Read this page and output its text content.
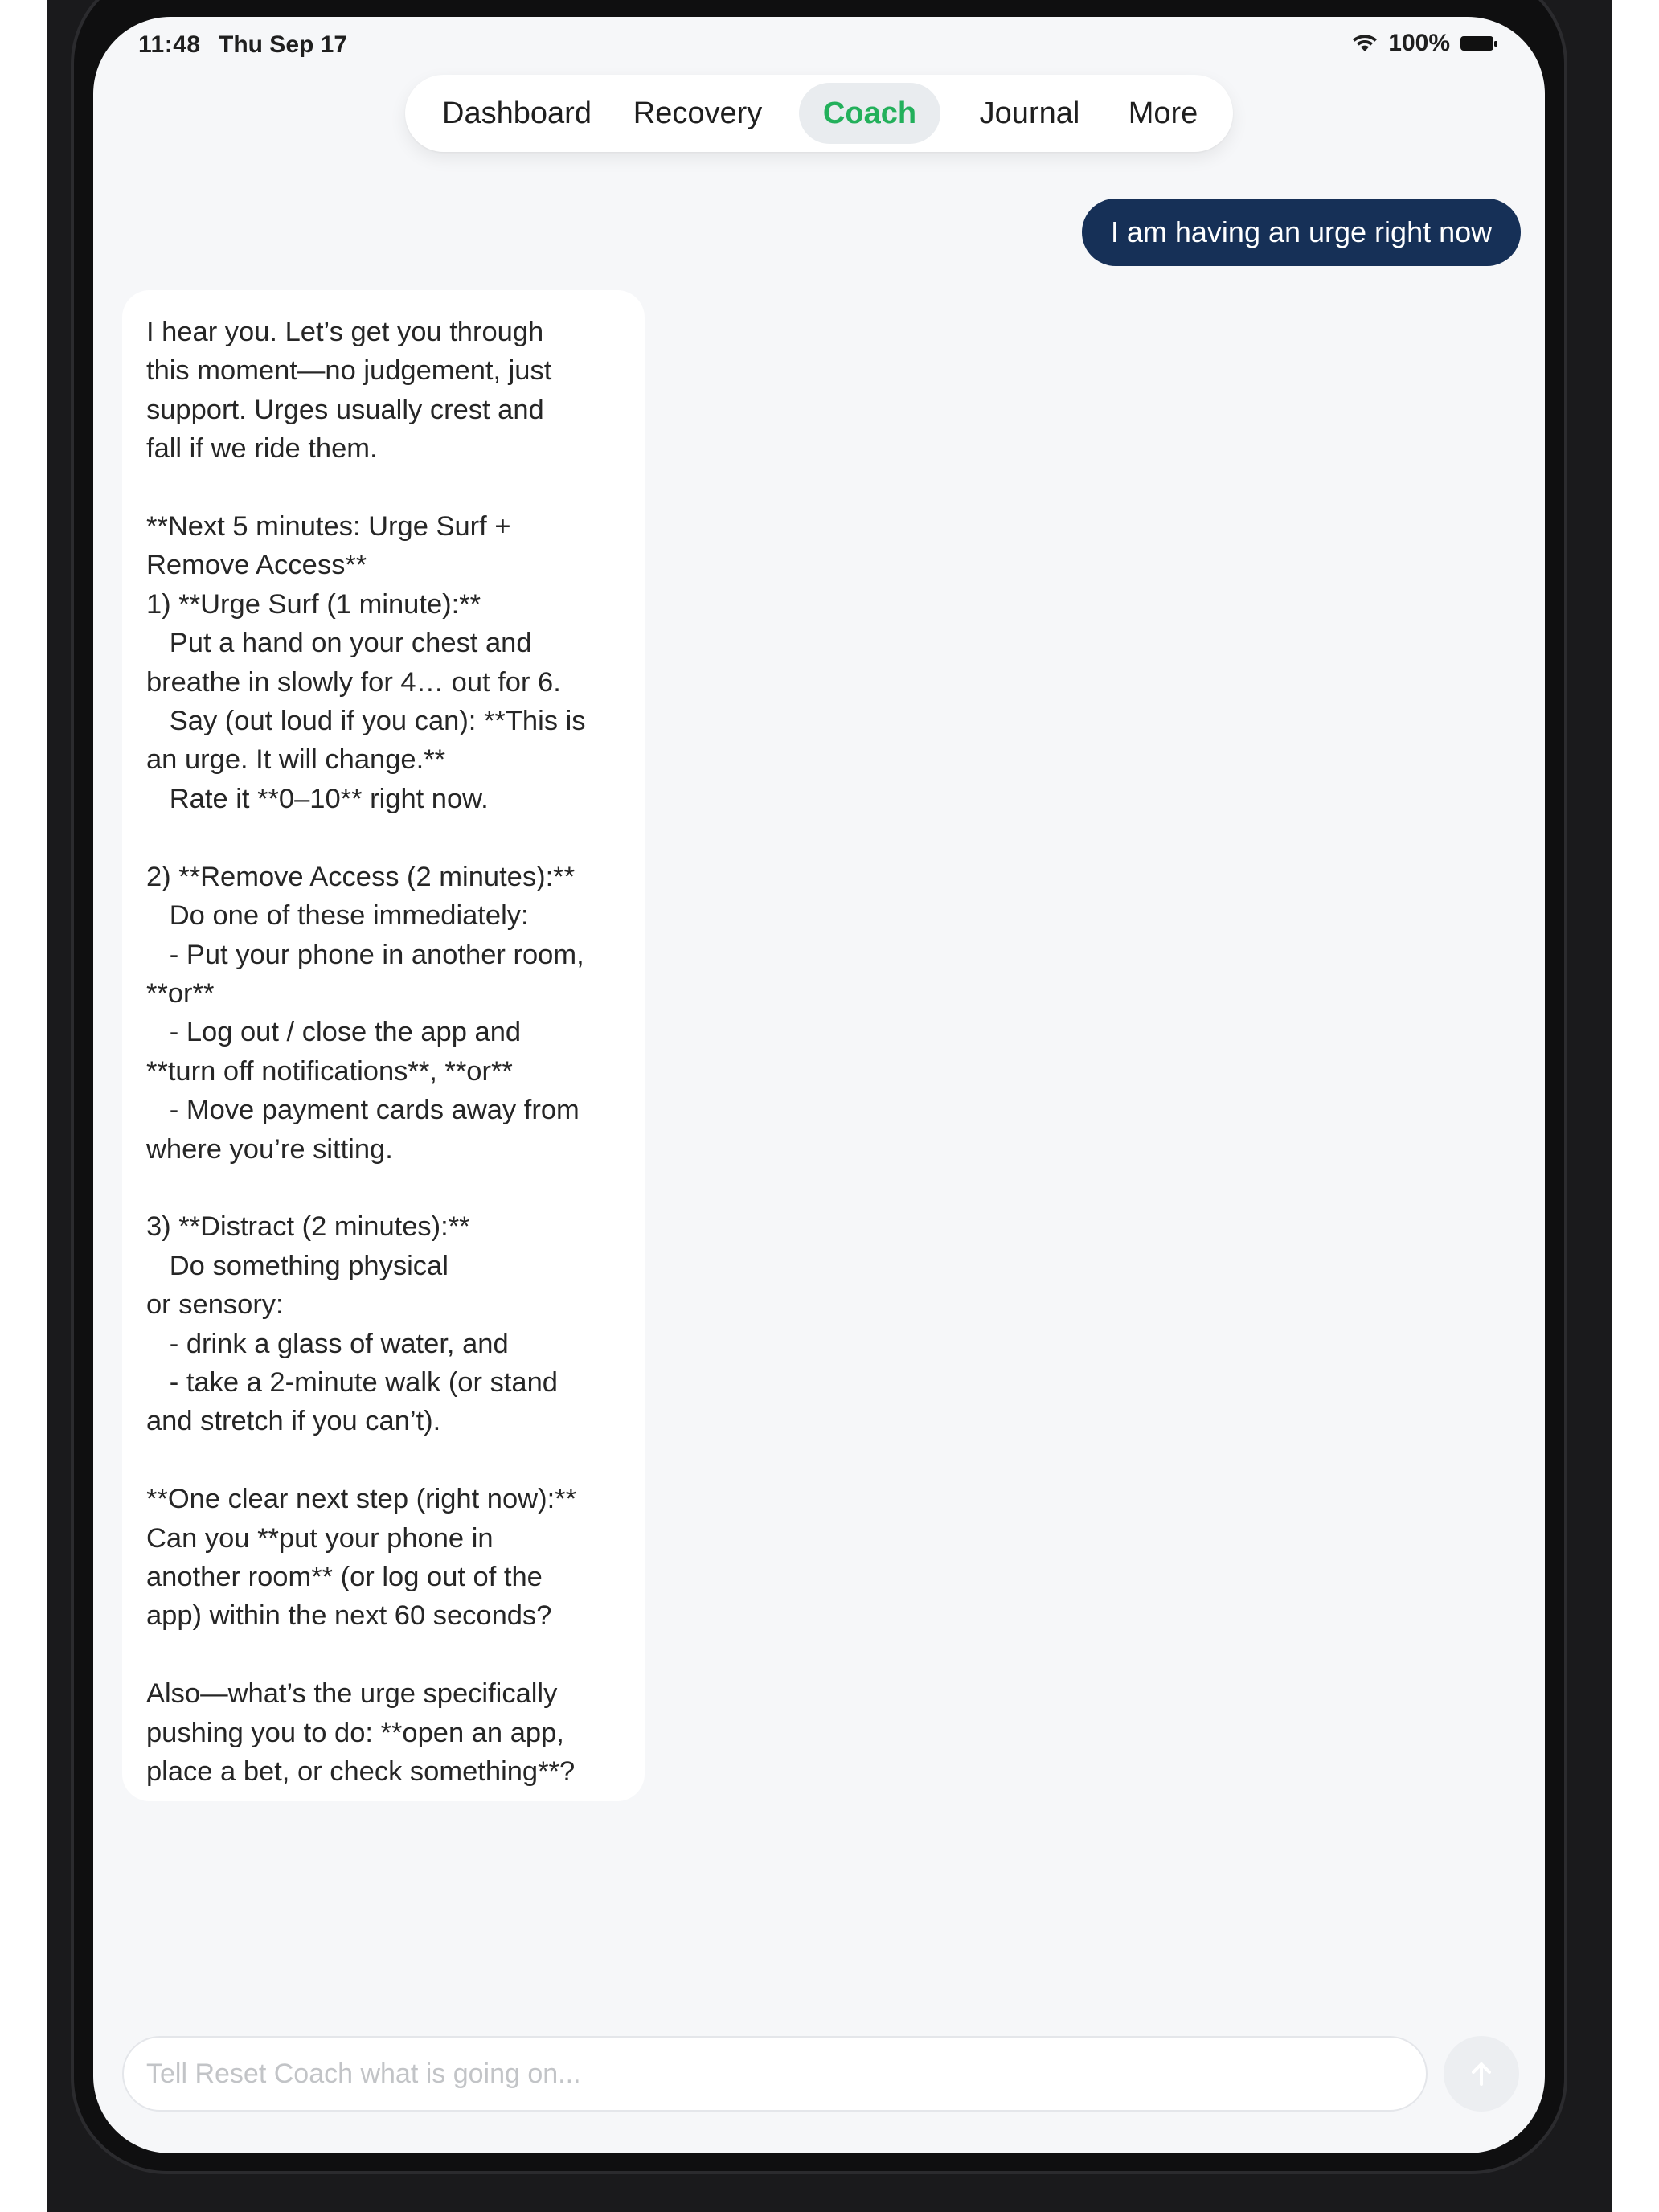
11:48 Thu Sep 17	100%
Dashboard	Recovery	Coach	Journal	More
I am having an urge right now
I hear you. Let’s get you through
this moment—no judgement, just
support. Urges usually crest and
fall if we ride them.

**Next 5 minutes: Urge Surf +
Remove Access**
1) **Urge Surf (1 minute):**
Put a hand on your chest and
breathe in slowly for 4… out for 6.
Say (out loud if you can): **This is
an urge. It will change.**
Rate it **0–10** right now.

2) **Remove Access (2 minutes):**
Do one of these immediately:
- Put your phone in another room,
**or**
- Log out / close the app and
**turn off notifications**, **or**
- Move payment cards away from
where you’re sitting.

3) **Distract (2 minutes):**
Do something physical
or sensory:
- drink a glass of water, and
- take a 2-minute walk (or stand
and stretch if you can’t).

**One clear next step (right now):**
Can you **put your phone in
another room** (or log out of the
app) within the next 60 seconds?

Also—what’s the urge specifically
pushing you to do: **open an app,
place a bet, or check something**?
Tell Reset Coach what is going on...
